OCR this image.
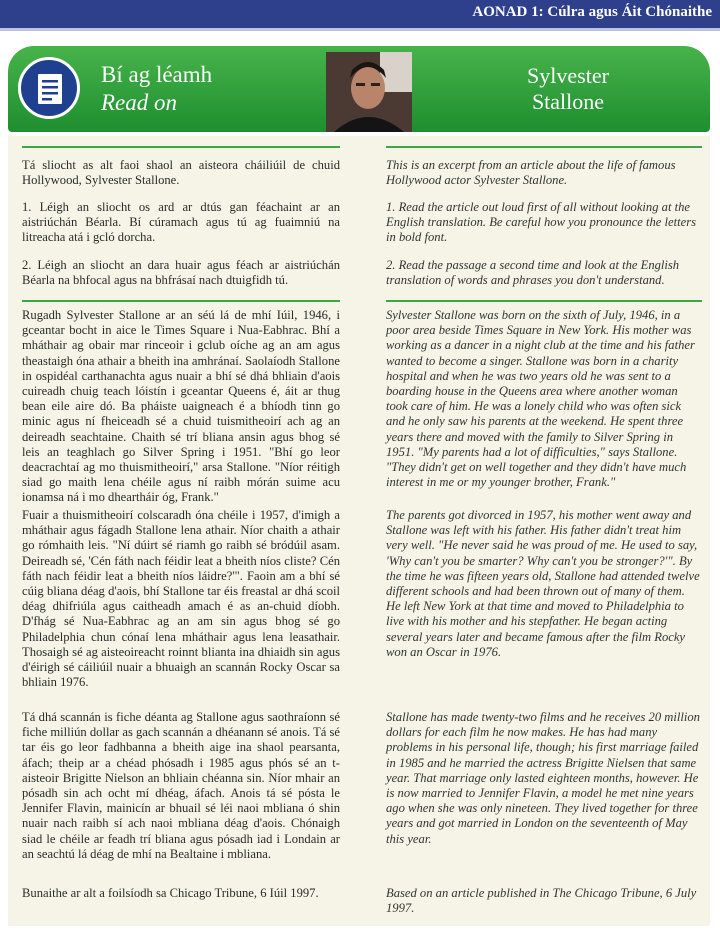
AONAD 1: Cúlra agus Áit Chónaithe
Bí ag léamh
Read on
Sylvester
Stallone

Tá sliocht as alt faoi shaol an aisteora cháiliúil de chuid Hollywood, Sylvester Stallone.

This is an excerpt from an article about the life of famous Hollywood actor Sylvester Stallone.

1. Léigh an sliocht os ard ar dtús gan féachaint ar an aistriúchán Béarla. Bí cúramach agus tú ag fuaimniú na litreacha atá i gcló dorcha.

1. Read the article out loud first of all without looking at the English translation. Be careful how you pronounce the letters in bold font.

2. Léigh an sliocht an dara huair agus féach ar aistriúchán Béarla na bhfocal agus na bhfrásaí nach dtuigfidh tú.

2. Read the passage a second time and look at the English translation of words and phrases you don't understand.

Rugadh Sylvester Stallone ar an séú lá de mhí Iúil, 1946, i gceantar bocht in aice le Times Square i Nua-Eabhrac. Bhí a mháthair ag obair mar rinceoir i gclub oíche ag an am agus theastaigh óna athair a bheith ina amhránaí. Saolaíodh Stallone in ospidéal carthanachta agus nuair a bhí sé dhá bhliain d'aois cuireadh chuig teach lóistín i gceantar Queens é, áit ar thug bean eile aire dó. Ba pháiste uaigneach é a bhíodh tinn go minic agus ní fheiceadh sé a chuid tuismitheoirí ach ag an deireadh seachtaine. Chaith sé trí bliana ansin agus bhog sé leis an teaghlach go Silver Spring i 1951. "Bhí go leor deacrachtaí ag mo thuismitheoirí," arsa Stallone. "Níor réitigh siad go maith lena chéile agus ní raibh mórán suime acu ionamsa ná i mo dheartháir óg, Frank."

Sylvester Stallone was born on the sixth of July, 1946, in a poor area beside Times Square in New York. His mother was working as a dancer in a night club at the time and his father wanted to become a singer. Stallone was born in a charity hospital and when he was two years old he was sent to a boarding house in the Queens area where another woman took care of him. He was a lonely child who was often sick and he only saw his parents at the weekend. He spent three years there and moved with the family to Silver Spring in 1951. "My parents had a lot of difficulties," says Stallone. "They didn't get on well together and they didn't have much interest in me or my younger brother, Frank."

Fuair a thuismitheoirí colscaradh óna chéile i 1957, d'imigh a mháthair agus fágadh Stallone lena athair. Níor chaith a athair go rómhaith leis. "Ní dúirt sé riamh go raibh sé bródúil asam. Deireadh sé, 'Cén fáth nach féidir leat a bheith níos cliste? Cén fáth nach féidir leat a bheith níos láidre?'". Faoin am a bhí sé cúig bliana déag d'aois, bhí Stallone tar éis freastal ar dhá scoil déag dhifriúla agus caitheadh amach é as an-chuid díobh. D'fhág sé Nua-Eabhrac ag an am sin agus bhog sé go Philadelphia chun cónaí lena mháthair agus lena leasathair. Thosaigh sé ag aisteoireacht roinnt blianta ina dhiaidh sin agus d'éirigh sé cáiliúil nuair a bhuaigh an scannán Rocky Oscar sa bhliain 1976.

The parents got divorced in 1957, his mother went away and Stallone was left with his father. His father didn't treat him very well. "He never said he was proud of me. He used to say, 'Why can't you be smarter? Why can't you be stronger?'". By the time he was fifteen years old, Stallone had attended twelve different schools and had been thrown out of many of them. He left New York at that time and moved to Philadelphia to live with his mother and his stepfather. He began acting several years later and became famous after the film Rocky won an Oscar in 1976.

Tá dhá scannán is fiche déanta ag Stallone agus saothraíonn sé fiche milliún dollar as gach scannán a dhéanann sé anois. Tá sé tar éis go leor fadhbanna a bheith aige ina shaol pearsanta, áfach; theip ar a chéad phósadh i 1985 agus phós sé an t-aisteoir Brigitte Nielson an bhliain chéanna sin. Níor mhair an pósadh sin ach ocht mí dhéag, áfach. Anois tá sé pósta le Jennifer Flavin, mainicín ar bhuail sé léi naoi mbliana ó shin nuair nach raibh sí ach naoi mbliana déag d'aois. Chónaigh siad le chéile ar feadh trí bliana agus pósadh iad i Londain ar an seachtú lá déag de mhí na Bealtaine i mbliana.

Stallone has made twenty-two films and he receives 20 million dollars for each film he now makes. He has had many problems in his personal life, though; his first marriage failed in 1985 and he married the actress Brigitte Nielsen that same year. That marriage only lasted eighteen months, however. He is now married to Jennifer Flavin, a model he met nine years ago when she was only nineteen. They lived together for three years and got married in London on the seventeenth of May this year.

Bunaithe ar alt a foilsíodh sa Chicago Tribune, 6 Iúil 1997.	Based on an article published in The Chicago Tribune, 6 July 1997.
